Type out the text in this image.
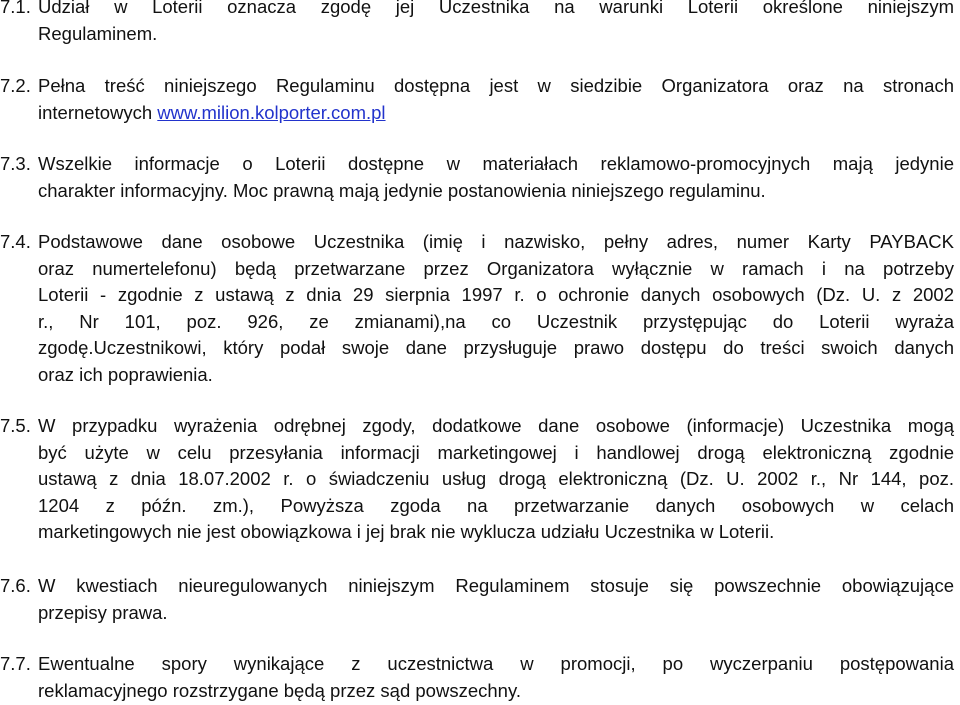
7.1. Udział w Loterii oznacza zgodę jej Uczestnika na warunki Loterii określone niniejszym
Regulaminem.
7.2. Pełna treść niniejszego Regulaminu dostępna jest w siedzibie Organizatora oraz na stronach
internetowych www.milion.kolporter.com.pl
7.3. Wszelkie informacje o Loterii dostępne w materiałach reklamowo-promocyjnych mają jedynie
charakter informacyjny. Moc prawną mają jedynie postanowienia niniejszego regulaminu.
7.4. Podstawowe dane osobowe Uczestnika (imię i nazwisko, pełny adres, numer Karty PAYBACK
oraz numertelefonu) będą przetwarzane przez Organizatora wyłącznie w ramach i na potrzeby
Loterii - zgodnie z ustawą z dnia 29 sierpnia 1997 r. o ochronie danych osobowych (Dz. U. z 2002
r., Nr 101, poz. 926, ze zmianami),na co Uczestnik przystępując do Loterii wyraża
zgodę.Uczestnikowi, który podał swoje dane przysługuje prawo dostępu do treści swoich danych
oraz ich poprawienia.
7.5. W przypadku wyrażenia odrębnej zgody, dodatkowe dane osobowe (informacje) Uczestnika mogą
być użyte w celu przesyłania informacji marketingowej i handlowej drogą elektroniczną zgodnie
ustawą z dnia 18.07.2002 r. o świadczeniu usług drogą elektroniczną (Dz. U. 2002 r., Nr 144, poz.
1204 z późn. zm.), Powyższa zgoda na przetwarzanie danych osobowych w celach
marketingowych nie jest obowiązkowa i jej brak nie wyklucza udziału Uczestnika w Loterii.
7.6. W kwestiach nieuregulowanych niniejszym Regulaminem stosuje się powszechnie obowiązujące
przepisy prawa.
7.7. Ewentualne spory wynikające z uczestnictwa w promocji, po wyczerpaniu postępowania
reklamacyjnego rozstrzygane będą przez sąd powszechny.
